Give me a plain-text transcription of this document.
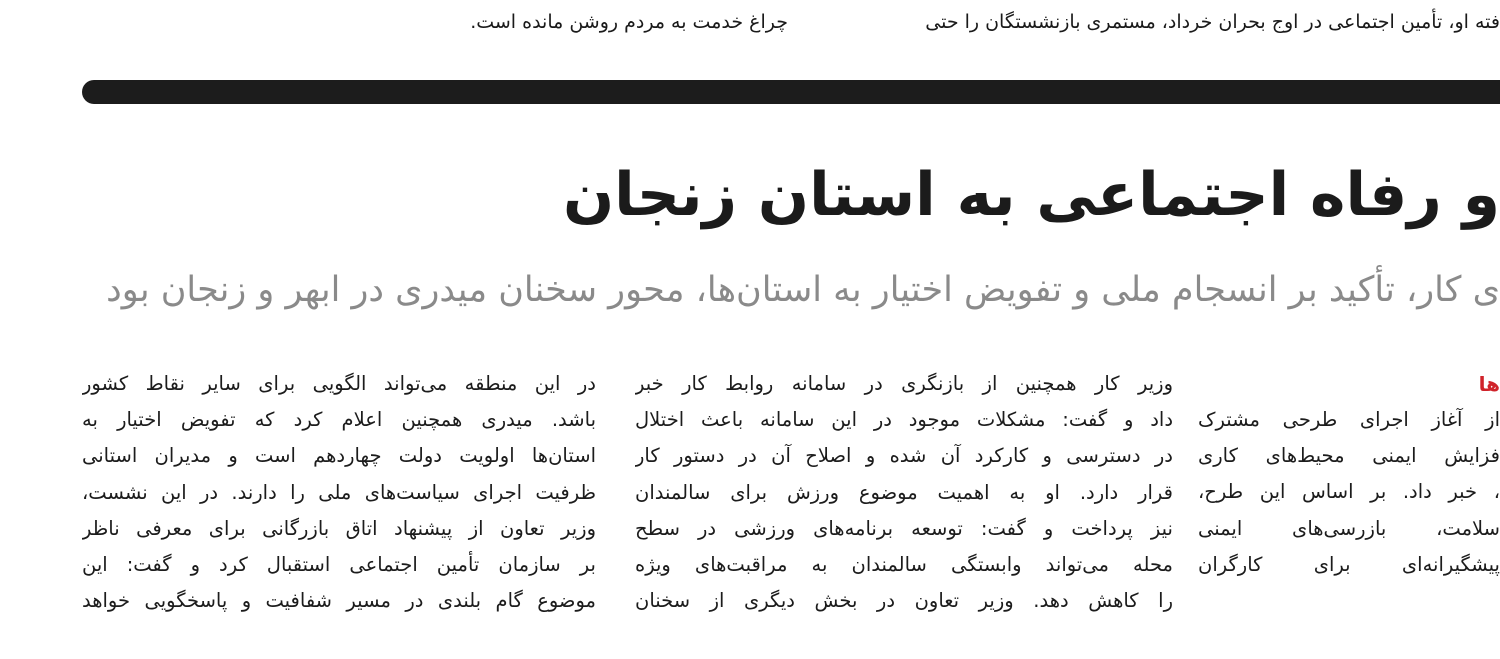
فته او، تأمین اجتماعی در اوج بحران خرداد، مستمری بازنشستگان را حتی
چراغ خدمت به مردم روشن مانده است.
و رفاه اجتماعی به استان زنجان
ی کار، تأکید بر انسجام ملی و تفویض اختیار به استان‌ها، محور سخنان میدری در ابهر و زنجان بود
ها
از آغاز اجرای طرحی مشترک
فزایش ایمنی محیط‌های کاری
، خبر داد. بر اساس این طرح،
سلامت، بازرسی‌های ایمنی
پیشگیرانه‌ای برای کارگران
وزیر کار همچنین از بازنگری در سامانه روابط کار خبر
داد و گفت: مشکلات موجود در این سامانه باعث اختلال
در دسترسی و کارکرد آن شده و اصلاح آن در دستور کار
قرار دارد. او به اهمیت موضوع ورزش برای سالمندان
نیز پرداخت و گفت: توسعه برنامه‌های ورزشی در سطح
محله می‌تواند وابستگی سالمندان به مراقبت‌های ویژه
را کاهش دهد. وزیر تعاون در بخش دیگری از سخنان
در این منطقه می‌تواند الگویی برای سایر نقاط کشور
باشد. میدری همچنین اعلام کرد که تفویض اختیار به
استان‌ها اولویت دولت چهاردهم است و مدیران استانی
ظرفیت اجرای سیاست‌های ملی را دارند. در این نشست،
وزیر تعاون از پیشنهاد اتاق بازرگانی برای معرفی ناظر
بر سازمان تأمین اجتماعی استقبال کرد و گفت: این
موضوع گام بلندی در مسیر شفافیت و پاسخگویی خواهد
